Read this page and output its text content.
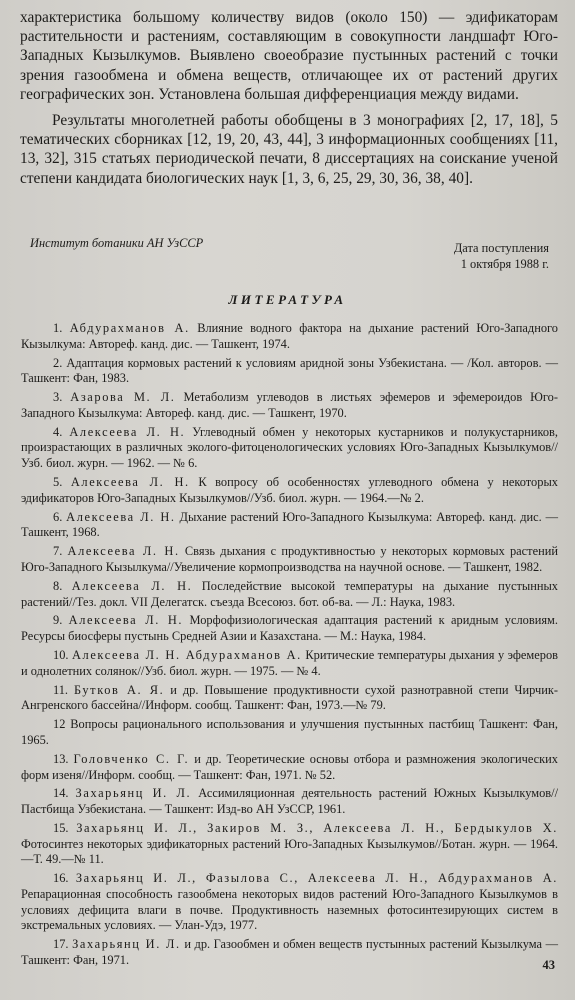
характеристика большому количеству видов (около 150) — эдификаторам растительности и растениям, составляющим в совокупности ландшафт Юго-Западных Кызылкумов. Выявлено своеобразие пустынных растений с точки зрения газообмена и обмена веществ, отличающее их от растений других географических зон. Установлена большая дифференциация между видами.

Результаты многолетней работы обобщены в 3 монографиях [2, 17, 18], 5 тематических сборниках [12, 19, 20, 43, 44], 3 информационных сообщениях [11, 13, 32], 315 статьях периодической печати, 8 диссертациях на соискание ученой степени кандидата биологических наук [1, 3, 6, 25, 29, 30, 36, 38, 40].

Институт ботаники АН УзССР	Дата поступления
1 октября 1988 г.
ЛИТЕРАТУРА

1. Абдурахманов А. Влияние водного фактора на дыхание растений Юго-Западного Кызылкума: Автореф. канд. дис. — Ташкент, 1974.

2. Адаптация кормовых растений к условиям аридной зоны Узбекистана. — /Кол. авторов. — Ташкент: Фан, 1983.

3. Азарова М. Л. Метаболизм углеводов в листьях эфемеров и эфемероидов Юго-Западного Кызылкума: Автореф. канд. дис. — Ташкент, 1970.

4. Алексеева Л. Н. Углеводный обмен у некоторых кустарников и полукустарников, произрастающих в различных эколого-фитоценологических условиях Юго-Западных Кызылкумов//Узб. биол. журн. — 1962. — № 6.

5. Алексеева Л. Н. К вопросу об особенностях углеводного обмена у некоторых эдификаторов Юго-Западных Кызылкумов//Узб. биол. журн. — 1964.—№ 2.

6. Алексеева Л. Н. Дыхание растений Юго-Западного Кызылкума: Автореф. канд. дис. — Ташкент, 1968.

7. Алексеева Л. Н. Связь дыхания с продуктивностью у некоторых кормовых растений Юго-Западного Кызылкума//Увеличение кормопроизводства на научной основе. — Ташкент, 1982.

8. Алексеева Л. Н. Последействие высокой температуры на дыхание пустынных растений//Тез. докл. VII Делегатск. съезда Всесоюз. бот. об-ва. — Л.: Наука, 1983.

9. Алексеева Л. Н. Морфофизиологическая адаптация растений к аридным условиям. Ресурсы биосферы пустынь Средней Азии и Казахстана. — М.: Наука, 1984.

10. Алексеева Л. Н. Абдурахманов А. Критические температуры дыхания у эфемеров и однолетних солянок//Узб. биол. журн. — 1975. — № 4.

11. Бутков А. Я. и др. Повышение продуктивности сухой разнотравной степи Чирчик-Ангренского бассейна//Информ. сообщ. Ташкент: Фан, 1973.—№ 79.

12 Вопросы рационального использования и улучшения пустынных пастбищ Ташкент: Фан, 1965.

13. Головченко С. Г. и др. Теоретические основы отбора и размножения экологических форм изеня//Информ. сообщ. — Ташкент: Фан, 1971. № 52.

14. Захарьянц И. Л. Ассимиляционная деятельность растений Южных Кызылкумов//Пастбища Узбекистана. — Ташкент: Изд-во АН УзССР, 1961.

15. Захарьянц И. Л., Закиров М. З., Алексеева Л. Н., Бердыкулов Х. Фотосинтез некоторых эдификаторных растений Юго-Западных Кызылкумов//Ботан. журн. — 1964.—Т. 49.—№ 11.

16. Захарьянц И. Л., Фазылова С., Алексеева Л. Н., Абдурахманов А. Репарационная способность газообмена некоторых видов растений Юго-Западного Кызылкумов в условиях дефицита влаги в почве. Продуктивность наземных фотосинтезирующих систем в экстремальных условиях. — Улан-Удэ, 1977.

17. Захарьянц И. Л. и др. Газообмен и обмен веществ пустынных растений Кызылкума — Ташкент: Фан, 1971.	43
